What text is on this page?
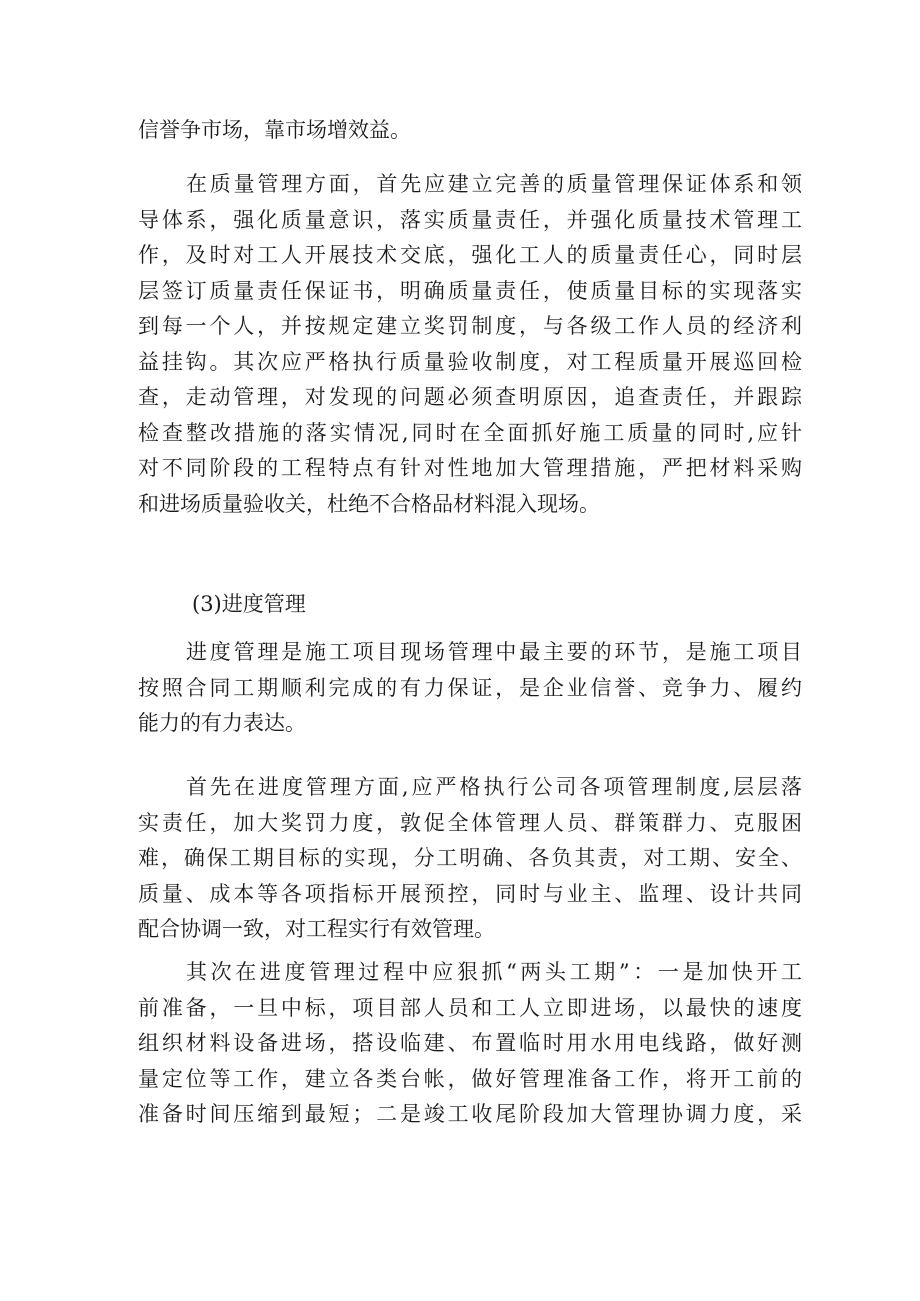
信誉争市场，靠市场增效益。
在质量管理方面，首先应建立完善的质量管理保证体系和领
导体系，强化质量意识，落实质量责任，并强化质量技术管理工
作，及时对工人开展技术交底，强化工人的质量责任心，同时层
层签订质量责任保证书，明确质量责任，使质量目标的实现落实
到每一个人，并按规定建立奖罚制度，与各级工作人员的经济利
益挂钩。其次应严格执行质量验收制度，对工程质量开展巡回检
查，走动管理，对发现的问题必须查明原因，追查责任，并跟踪
检查整改措施的落实情况,同时在全面抓好施工质量的同时,应针
对不同阶段的工程特点有针对性地加大管理措施，严把材料采购
和进场质量验收关，杜绝不合格品材料混入现场。
(3)进度管理
进度管理是施工项目现场管理中最主要的环节，是施工项目
按照合同工期顺利完成的有力保证，是企业信誉、竞争力、履约
能力的有力表达。
首先在进度管理方面,应严格执行公司各项管理制度,层层落
实责任，加大奖罚力度，敦促全体管理人员、群策群力、克服困
难，确保工期目标的实现，分工明确、各负其责，对工期、安全、
质量、成本等各项指标开展预控，同时与业主、监理、设计共同
配合协调一致，对工程实行有效管理。
其次在进度管理过程中应狠抓“两头工期”：一是加快开工
前准备，一旦中标，项目部人员和工人立即进场，以最快的速度
组织材料设备进场，搭设临建、布置临时用水用电线路，做好测
量定位等工作，建立各类台帐，做好管理准备工作，将开工前的
准备时间压缩到最短；二是竣工收尾阶段加大管理协调力度，采
